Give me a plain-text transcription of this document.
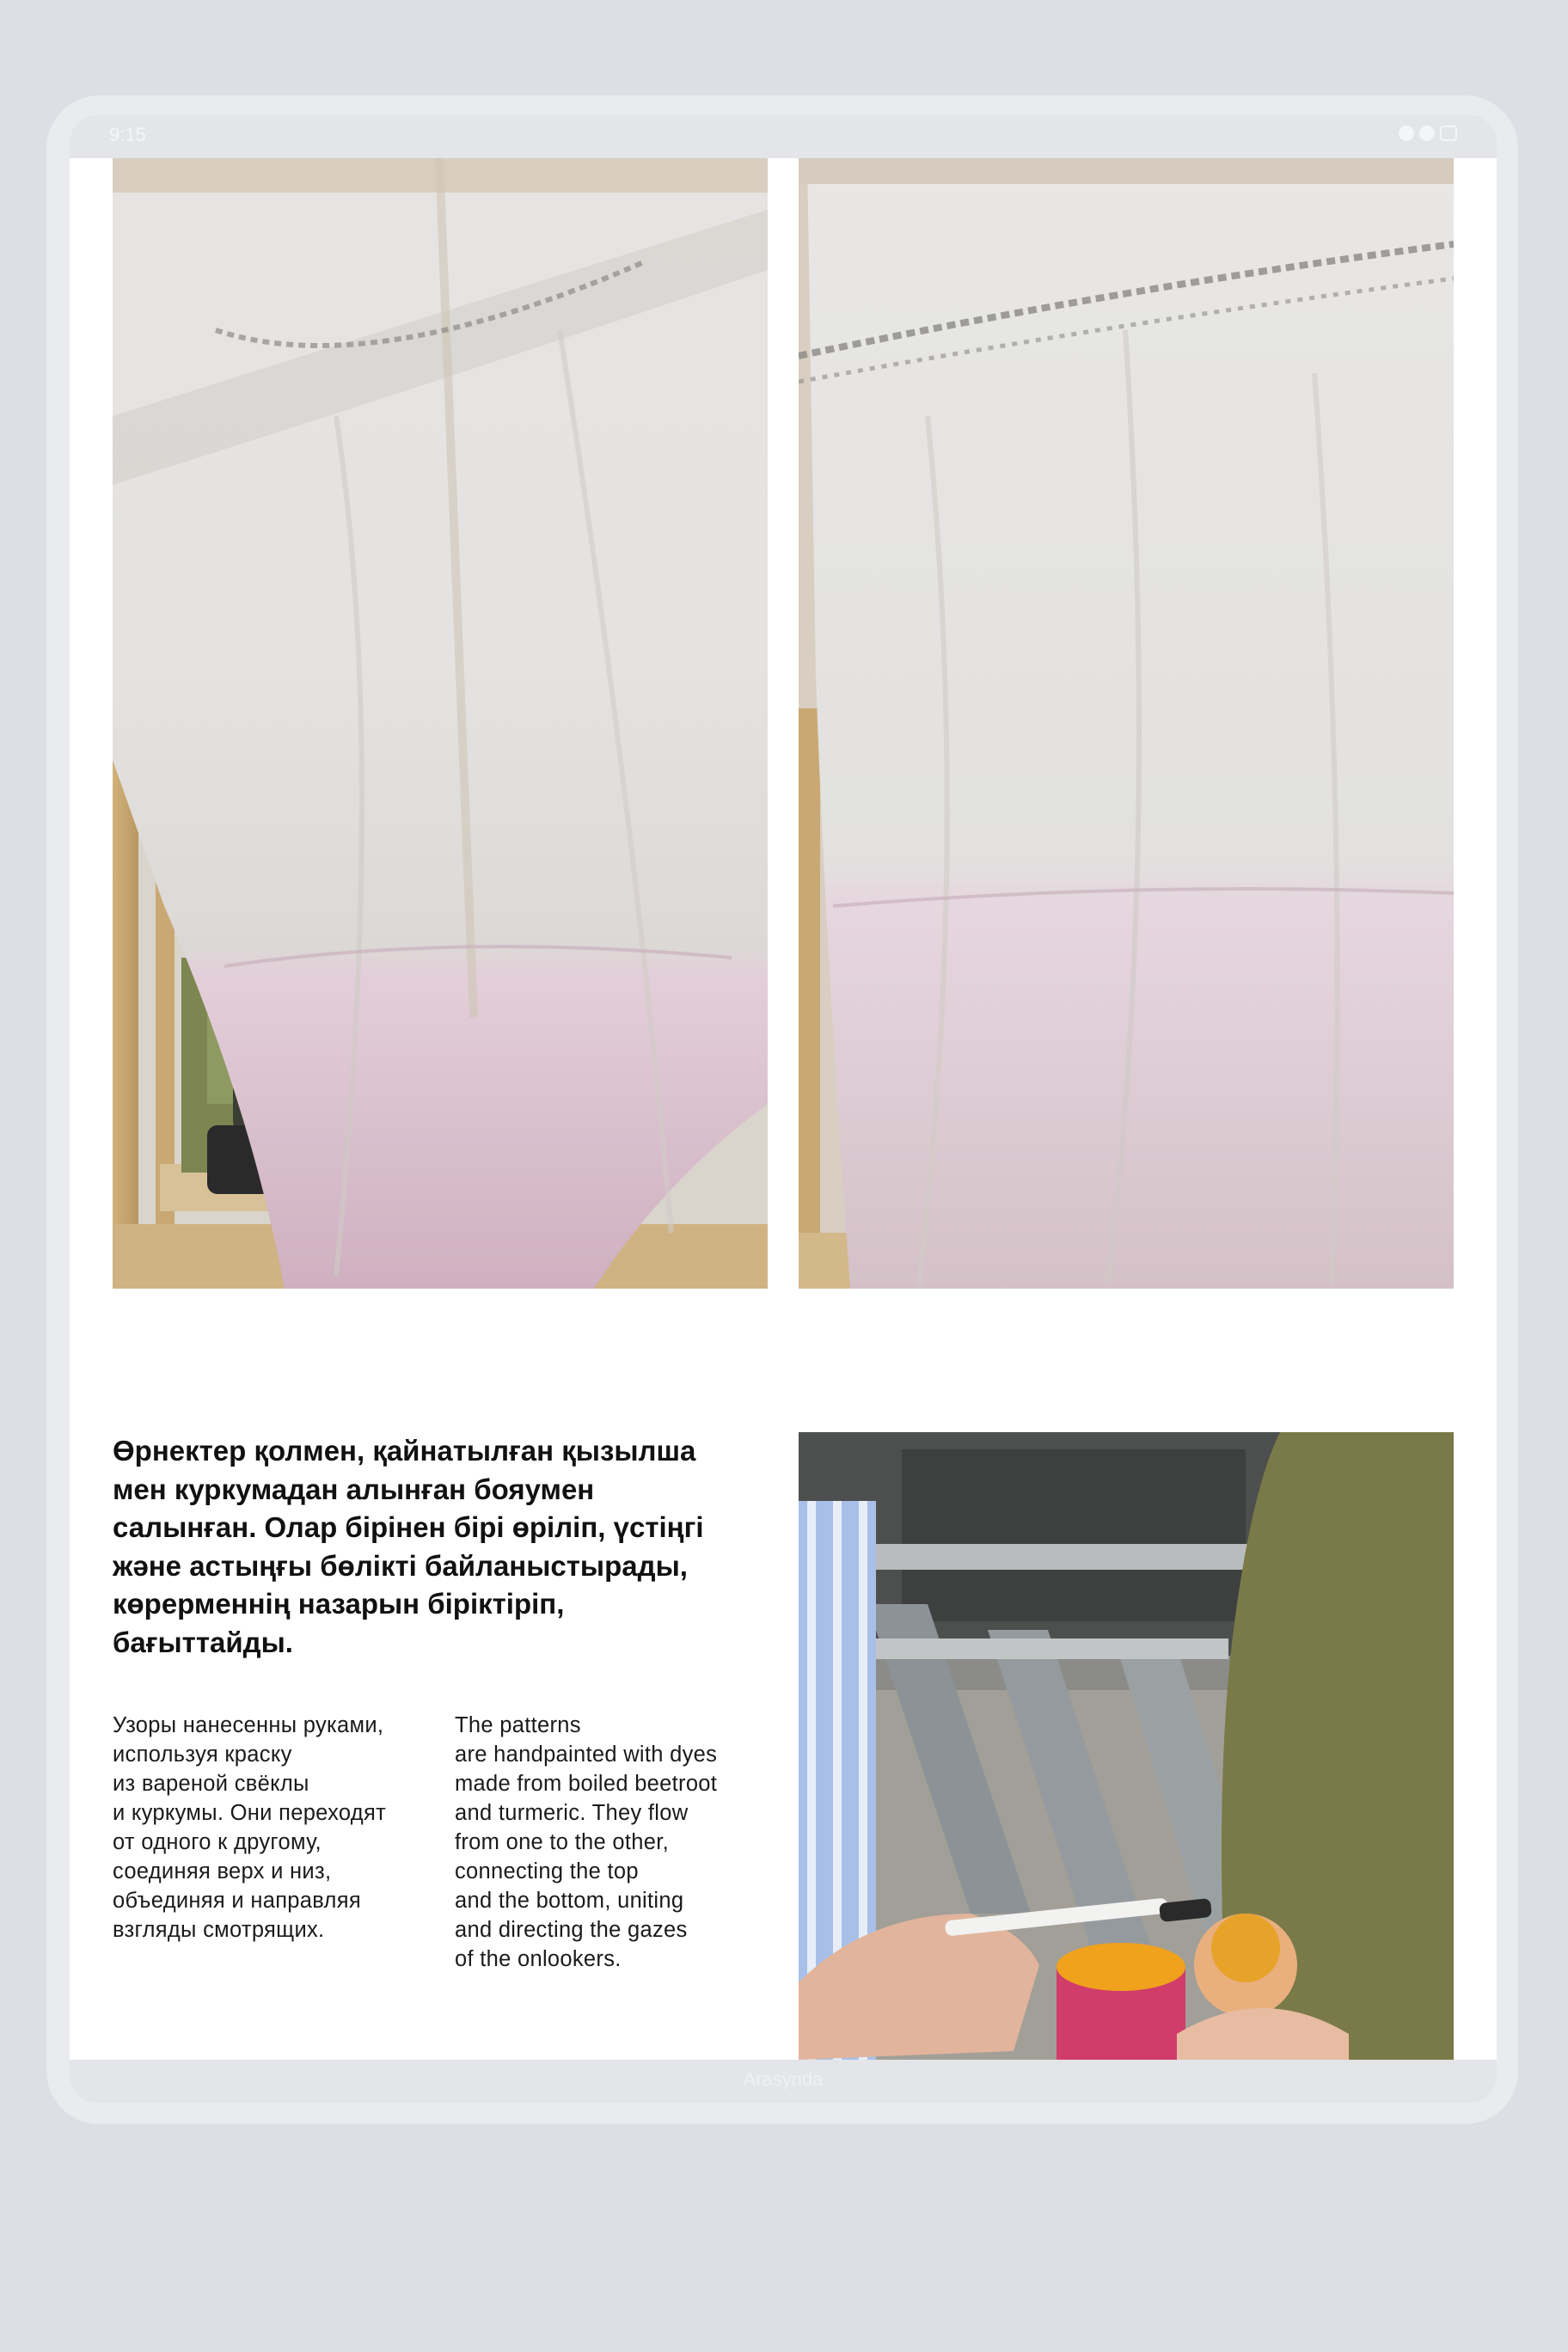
9:15
Өрнектер қолмен, қайнатылған қызылша мен куркумадан алынған бояумен салынған. Олар бірінен бірі өріліп, үстіңгі және астыңғы бөлікті байланыстырады, көрерменнің назарын біріктіріп, бағыттайды.

Узоры нанесенны руками,
используя краску
из вареной свёклы
и куркумы. Они переходят
от одного к другому,
соединяя верх и низ,
объединяя и направляя
взгляды смотрящих.

The patterns
are handpainted with dyes
made from boiled beetroot
and turmeric. They flow
from one to the other,
connecting the top
and the bottom, uniting
and directing the gazes
of the onlookers.

Arasynda
